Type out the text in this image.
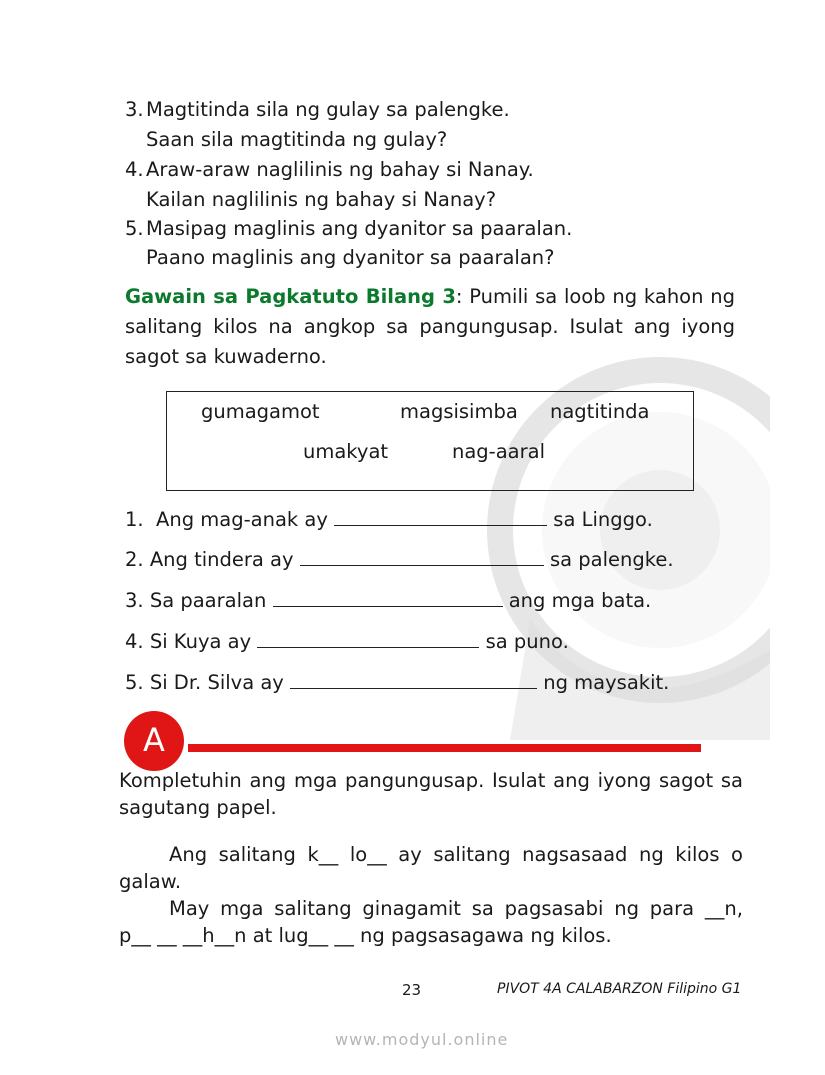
3. Magtitinda sila ng gulay sa palengke.
Saan sila magtitinda ng gulay?
4. Araw-araw naglilinis ng bahay si Nanay.
Kailan naglilinis ng bahay si Nanay?
5. Masipag maglinis ang dyanitor sa paaralan.
Paano maglinis ang dyanitor sa paaralan?
Gawain sa Pagkatuto Bilang 3: Pumili sa loob ng kahon ng salitang kilos na angkop sa pangungusap. Isulat ang iyong sagot sa kuwaderno.
gumagamot	magsisimba nagtitinda
umakyat	nag-aaral
1. Ang mag-anak ay	sa Linggo.
2. Ang tindera ay	sa palengke.
3. Sa paaralan	ang mga bata.
4. Si Kuya ay	sa puno.
5. Si Dr. Silva ay	ng maysakit.
A
Kompletuhin ang mga pangungusap. Isulat ang iyong sagot sa sagutang papel.
Ang salitang k__ lo__ ay salitang nagsasaad ng kilos o galaw.
May mga salitang ginagamit sa pagsasabi ng para __n, p__ __ __h__n at lug__ __ ng pagsasagawa ng kilos.
23	PIVOT 4A CALABARZON Filipino G1
www.modyul.online
